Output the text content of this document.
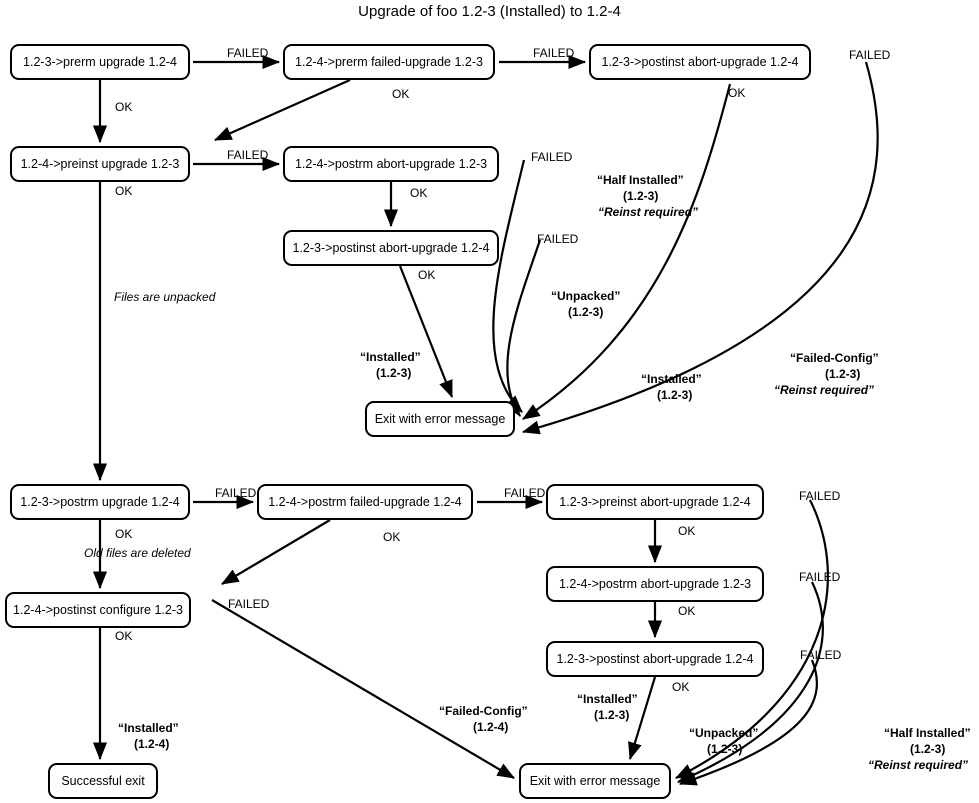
Upgrade of foo 1.2-3 (Installed) to 1.2-4
1.2-3->prerm upgrade 1.2-4	1.2-4->prerm failed-upgrade 1.2-3	1.2-3->postinst abort-upgrade 1.2-4
1.2-4->preinst upgrade 1.2-3	1.2-4->postrm abort-upgrade 1.2-3
1.2-3->postinst abort-upgrade 1.2-4
Exit with error message
1.2-3->postrm upgrade 1.2-4	1.2-4->postrm failed-upgrade 1.2-4	1.2-3->preinst abort-upgrade 1.2-4
1.2-4->postrm abort-upgrade 1.2-3
1.2-4->postinst configure 1.2-3
1.2-3->postinst abort-upgrade 1.2-4
Exit with error message
Successful exit
FAILED	FAILED	FAILED
OK
OK	OK
FAILED	FAILED
OK	OK
FAILED
OK
Files are unpacked
“Half Installed”
(1.2-3)
“Reinst required”
“Unpacked”
(1.2-3)
“Installed”
(1.2-3)	“Installed”
(1.2-3)
“Failed-Config”
(1.2-3)
“Reinst required”
FAILED	FAILED	FAILED
OK	OK	OK
Old files are deleted
FAILED
FAILED
OK
OK
FAILED
OK
“Failed-Config”
(1.2-4)
“Installed”
(1.2-3)
“Unpacked”
(1.2-3)
“Installed”
(1.2-4)
“Half Installed”
(1.2-3)
“Reinst required”
